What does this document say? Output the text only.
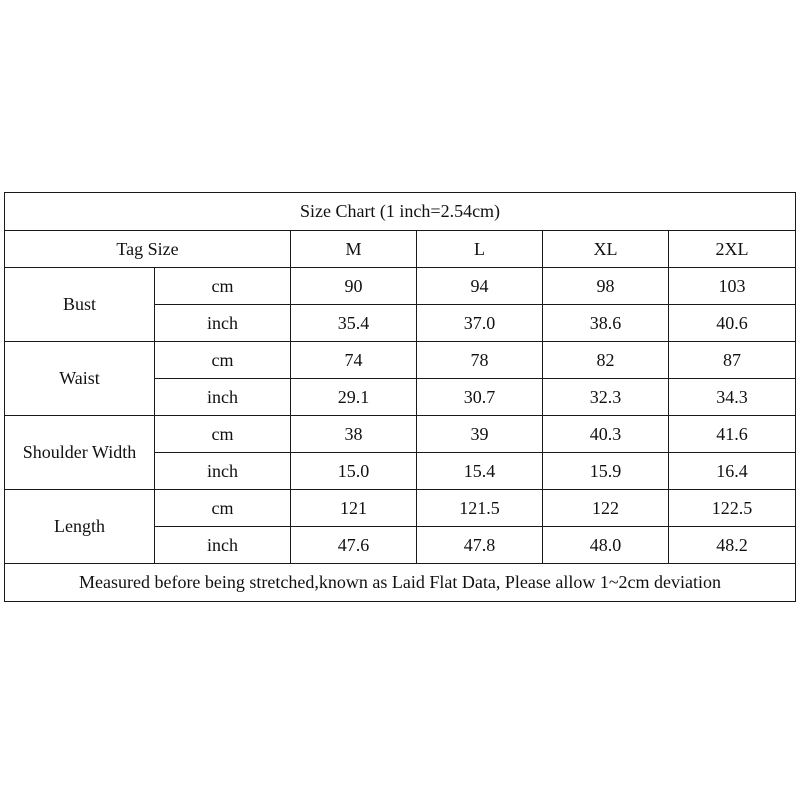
Size Chart (1 inch=2.54cm)					
Tag Size		M	L	XL	2XL
Bust	cm	90	94	98	103
	inch	35.4	37.0	38.6	40.6
Waist	cm	74	78	82	87
	inch	29.1	30.7	32.3	34.3
Shoulder Width	cm	38	39	40.3	41.6
	inch	15.0	15.4	15.9	16.4
Length	cm	121	121.5	122	122.5
	inch	47.6	47.8	48.0	48.2
Measured before being stretched,known as Laid Flat Data, Please allow 1~2cm deviation					
